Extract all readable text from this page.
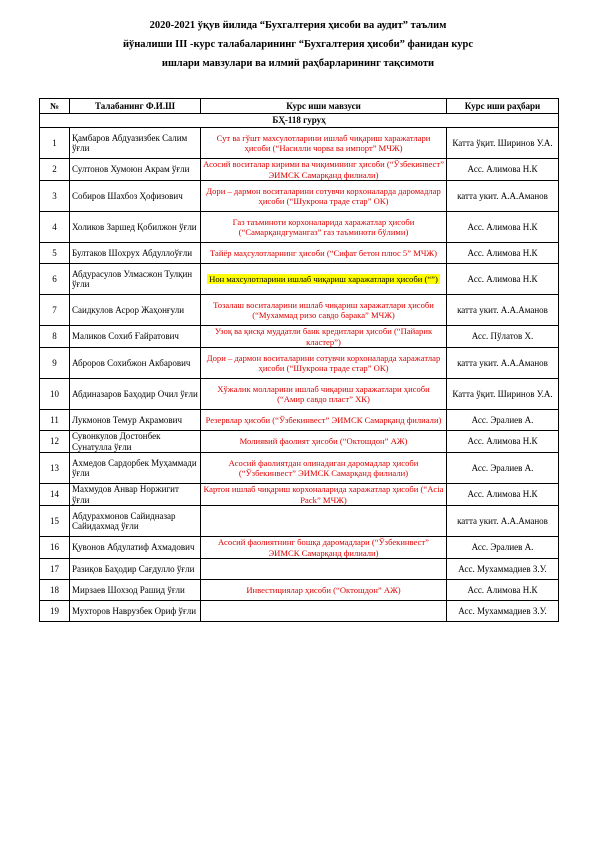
2020-2021 ўқув йилида “Бухгалтерия ҳисоби ва аудит” таълим
йўналиши III -курс талабаларининг “Бухгалтерия ҳисоби” фанидан курс
ишлари мавзулари ва илмий раҳбарларининг тақсимоти
№	Талабанинг Ф.И.Ш	Курс иши мавзуси	Курс иши раҳбари
БҲ-118 гуруҳ			
1	Қамбаров Абдуазизбек Салим ўғли	Сут ва гўшт махсулотларини ишлаб чиқариш харажатлари ҳисоби (“Насилли чорва ва импорт” МЧЖ)	Катта ўқит. Ширинов У.А.
2	Султонов Хумоюн Акрам ўғли	Асосий воситалар кирими ва чиқимининг ҳисоби (“Ўзбекинвест” ЭИМСК Самарқанд филиали)	Асс. Алимова Н.К
3	Собиров Шахбоз Ҳофизович	Дори – дармон воситаларини сотувчи корхоналарда даромадлар ҳисоби (“Шукрона траде стар” ОК)	катта укит. А.А.Аманов
4	Холиков Заршед Қобилжон ўғли	Газ таъминоти корхоналарида харажатлар ҳисоби (“Самарқандгумангаз” газ таъминоти бўлими)	Асс. Алимова Н.К
5	Бултаков Шохрух Абдуллоўғли	Тайёр маҳсулотларнинг ҳисоби (“Сифат бетон плюс 5” МЧЖ)	Асс. Алимова Н.К
6	Абдурасулов Улмасжон Тулқин ўғли	Нон махсулотларини ишлаб чиқариш харажатлари ҳисоби (“”)	Асс. Алимова Н.К
7	Саидкулов Асрор Жаҳонғули	Тозалаш воситаларини ишлаб чиқариш харажатлари ҳисоби (“Мухаммад ризо савдо барака” МЧЖ)	катта укит. А.А.Аманов
8	Маликов Сохиб Ғайратович	Узоқ ва қисқа муддатли банк кредитлари ҳисоби (“Пайарик кластер”)	Асс. Пўлатов Х.
9	Аброров Сохибжон Акбарович	Дори – дармон воситаларини сотувчи корхоналарда харажатлар ҳисоби (“Шукрона траде стар” ОК)	катта укит. А.А.Аманов
10	Абдиназаров Баҳодир Очил ўғли	Хўжалик молларини ишлаб чиқариш харажатлари ҳисоби (“Амир савдо пласт” ХК)	Катта ўқит. Ширинов У.А.
11	Лукмонов Темур Акрамович	Резервлар ҳисоби (“Ўзбекинвест” ЭИМСК Самарқанд филиали)	Асс. Эралиев А.
12	Сувонкулов Достонбек Сунатулла ўғли	Молиявий фаолият ҳисоби (“Октошдон” АЖ)	Асс. Алимова Н.К
13	Ахмедов Сардорбек Муҳаммади ўғли	Асосий фаолиятдан олинадиган даромадлар ҳисоби (“Ўзбекинвест” ЭИМСК Самарқанд филиали)	Асс. Эралиев А.
14	Махмудов Анвар Норжигит ўғли	Картон ишлаб чиқариш корхоналарида харажатлар ҳисоби (“Acia Pack” МЧЖ)	Асс. Алимова Н.К
15	Абдурахмонов Сайидназар Сайидахмад ўғли		катта укит. А.А.Аманов
16	Қувонов Абдулатиф Ахмадович	Асосий фаолиятнинг бошқа даромадлари (“Ўзбекинвест” ЭИМСК Самарқанд филиали)	Асс. Эралиев А.
17	Разиқов Баҳодир Сағдулло ўғли		Асс. Мухаммадиев З.У.
18	Мирзаев Шохзод Рашид ўғли	Инвестициялар ҳисоби (“Октошдон” АЖ)	Асс. Алимова Н.К
19	Мухторов Наврузбек Ориф ўғли		Асс. Мухаммадиев З.У.
